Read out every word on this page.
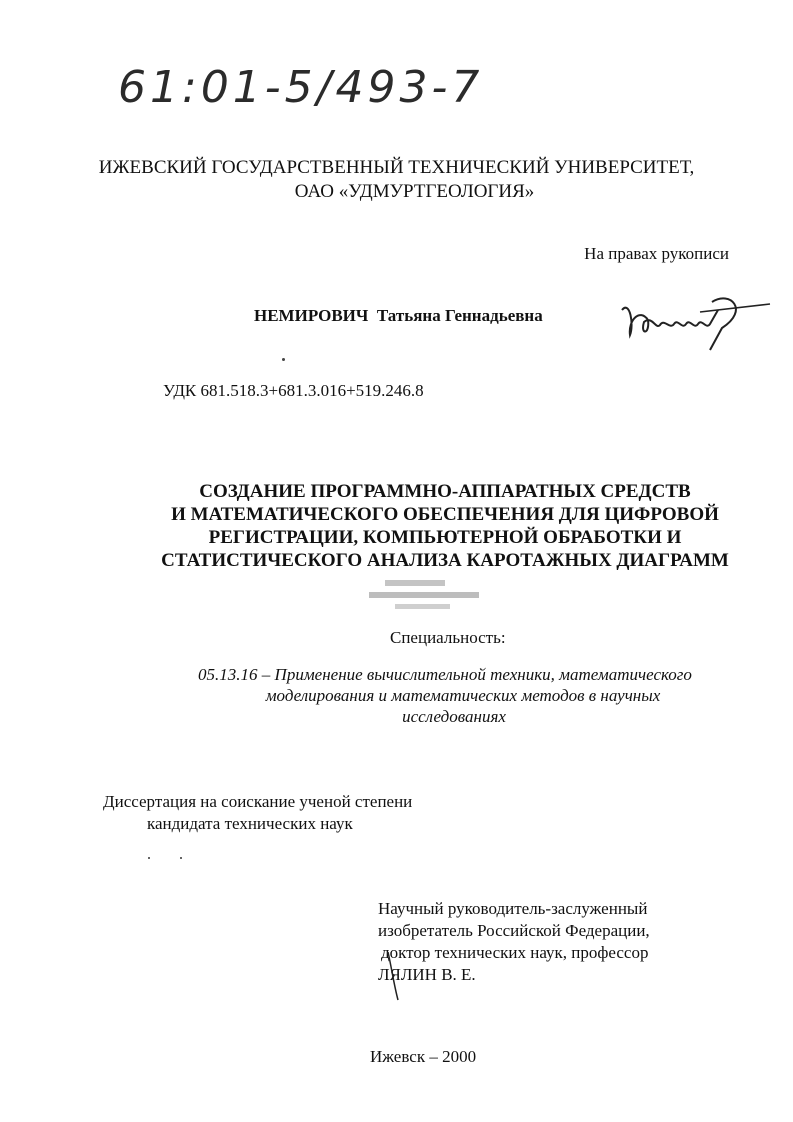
61:01-5/493-7
ИЖЕВСКИЙ ГОСУДАРСТВЕННЫЙ ТЕХНИЧЕСКИЙ УНИВЕРСИТЕТ,
ОАО «УДМУРТГЕОЛОГИЯ»
На правах рукописи
НЕМИРОВИЧ Татьяна Геннадьевна
УДК 681.518.3+681.3.016+519.246.8
СОЗДАНИЕ ПРОГРАММНО-АППАРАТНЫХ СРЕДСТВ
И МАТЕМАТИЧЕСКОГО ОБЕСПЕЧЕНИЯ ДЛЯ ЦИФРОВОЙ
РЕГИСТРАЦИИ, КОМПЬЮТЕРНОЙ ОБРАБОТКИ И
СТАТИСТИЧЕСКОГО АНАЛИЗА КАРОТАЖНЫХ ДИАГРАММ
Специальность:
05.13.16 – Применение вычислительной техники, математического
моделирования и математических методов в научных
исследованиях
Диссертация на соискание ученой степени
кандидата технических наук
Научный руководитель-заслуженный
изобретатель Российской Федерации,
доктор технических наук, профессор
ЛЯЛИН В. Е.
Ижевск – 2000
